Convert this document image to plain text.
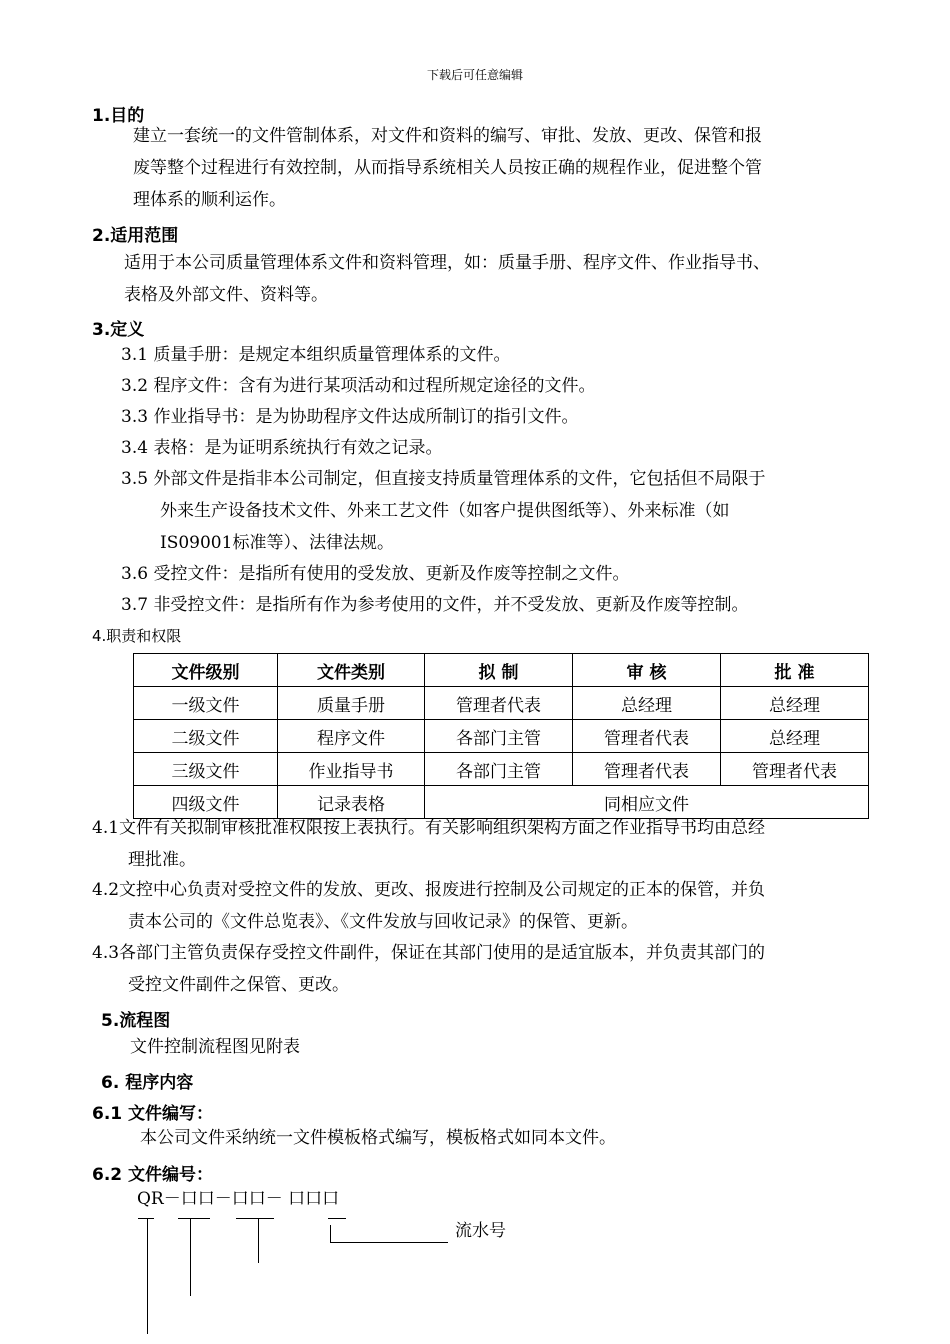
下载后可任意编辑
1.目的
建立一套统一的文件管制体系，对文件和资料的编写、审批、发放、更改、保管和报
废等整个过程进行有效控制，从而指导系统相关人员按正确的规程作业，促进整个管
理体系的顺利运作。
2.适用范围
适用于本公司质量管理体系文件和资料管理，如：质量手册、程序文件、作业指导书、
表格及外部文件、资料等。
3.定义
3.1 质量手册：是规定本组织质量管理体系的文件。
3.2 程序文件：含有为进行某项活动和过程所规定途径的文件。
3.3 作业指导书：是为协助程序文件达成所制订的指引文件。
3.4 表格：是为证明系统执行有效之记录。
3.5 外部文件是指非本公司制定，但直接支持质量管理体系的文件，它包括但不局限于
外来生产设备技术文件、外来工艺文件（如客户提供图纸等）、外来标准（如
IS09001标准等）、法律法规。
3.6 受控文件：是指所有使用的受发放、更新及作废等控制之文件。
3.7 非受控文件：是指所有作为参考使用的文件，并不受发放、更新及作废等控制。
4.职责和权限
文件级别	文件类别	拟 制	审 核	批 准
一级文件	质量手册	管理者代表	总经理	总经理
二级文件	程序文件	各部门主管	管理者代表	总经理
三级文件	作业指导书	各部门主管	管理者代表	管理者代表
四级文件	记录表格	同相应文件		
4.1文件有关拟制审核批准权限按上表执行。有关影响组织架构方面之作业指导书均由总经
理批准。
4.2文控中心负责对受控文件的发放、更改、报废进行控制及公司规定的正本的保管，并负
责本公司的《文件总览表》、《文件发放与回收记录》的保管、更新。
4.3各部门主管负责保存受控文件副件，保证在其部门使用的是适宜版本，并负责其部门的
受控文件副件之保管、更改。
5.流程图
文件控制流程图见附表
6. 程序内容
6.1 文件编写：
本公司文件采纳统一文件模板格式编写，模板格式如同本文件。
6.2 文件编号：
QR－口口－口口－ 口口口
流水号
